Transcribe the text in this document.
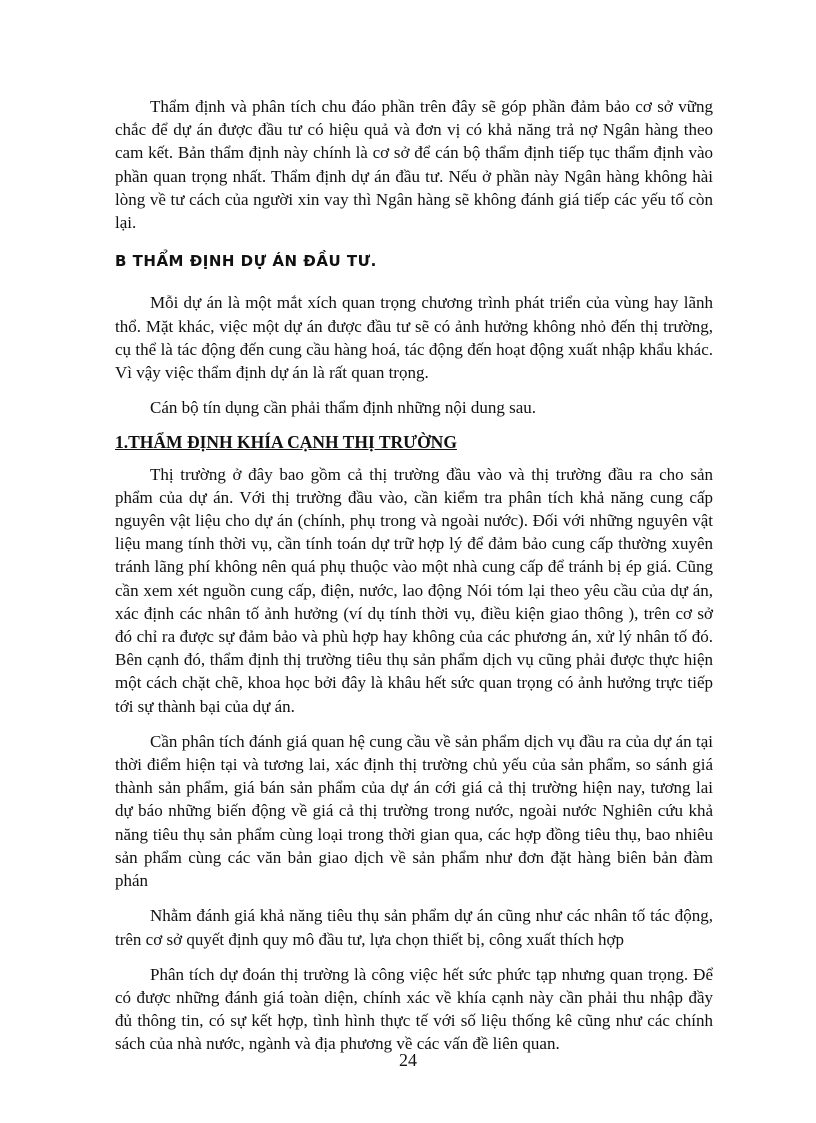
Thẩm định và phân tích chu đáo phần trên đây sẽ góp phần đảm bảo cơ sở vững chắc để dự án được đầu tư có hiệu quả và đơn vị có khả năng trả nợ Ngân hàng theo cam kết. Bản thẩm định này chính là cơ sở để cán bộ thẩm định tiếp tục thẩm định vào phần quan trọng nhất. Thẩm định dự án đầu tư. Nếu ở phần này Ngân hàng không hài lòng về tư cách của người xin vay thì Ngân hàng sẽ không đánh giá tiếp các yếu tố còn lại.

B THẨM ĐỊNH DỰ ÁN ĐẦU TƯ.

Mỗi dự án là một mắt xích quan trọng chương trình phát triển của vùng hay lãnh thổ. Mặt khác, việc một dự án được đầu tư sẽ có ảnh hưởng không nhỏ đến thị trường, cụ thể là tác động đến cung cầu hàng hoá, tác động đến hoạt động xuất nhập khẩu khác. Vì vậy việc thẩm định dự án là rất quan trọng.

Cán bộ tín dụng cần phải thẩm định những nội dung sau.

1.THẨM ĐỊNH KHÍA CẠNH THỊ TRƯỜNG

Thị trường ở đây bao gồm cả thị trường đầu vào và thị trường đầu ra cho sản phẩm của dự án. Với thị trường đầu vào, cần kiểm tra phân tích khả năng cung cấp nguyên vật liệu cho dự án (chính, phụ trong và ngoài nước). Đối với những nguyên vật liệu mang tính thời vụ, cần tính toán dự trữ hợp lý để đảm bảo cung cấp thường xuyên tránh lãng phí không nên quá phụ thuộc vào một nhà cung cấp để tránh bị ép giá. Cũng cần xem xét nguồn cung cấp, điện, nước, lao động Nói tóm lại theo yêu cầu của dự án, xác định các nhân tố ảnh hưởng (ví dụ tính thời vụ, điều kiện giao thông ), trên cơ sở đó chỉ ra được sự đảm bảo và phù hợp hay không của các phương án, xử lý nhân tố đó. Bên cạnh đó, thẩm định thị trường tiêu thụ sản phẩm dịch vụ cũng phải được thực hiện một cách chặt chẽ, khoa học bởi đây là khâu hết sức quan trọng có ảnh hưởng trực tiếp tới sự thành bại của dự án.

Cần phân tích đánh giá quan hệ cung cầu về sản phẩm dịch vụ đầu ra của dự án tại thời điểm hiện tại và tương lai, xác định thị trường chủ yếu của sản phẩm, so sánh giá thành sản phẩm, giá bán sản phẩm của dự án cới giá cả thị trường hiện nay, tương lai dự báo những biến động về giá cả thị trường trong nước, ngoài nước Nghiên cứu khả năng tiêu thụ sản phẩm cùng loại trong thời gian qua, các hợp đồng tiêu thụ, bao nhiêu sản phẩm cùng các văn bản giao dịch về sản phẩm như đơn đặt hàng biên bản đàm phán

Nhằm đánh giá khả năng tiêu thụ sản phẩm dự án cũng như các nhân tố tác động, trên cơ sở quyết định quy mô đầu tư, lựa chọn thiết bị, công xuất thích hợp

Phân tích dự đoán thị trường là công việc hết sức phức tạp nhưng quan trọng. Để có được những đánh giá toàn diện, chính xác về khía cạnh này cần phải thu nhập đầy đủ thông tin, có sự kết hợp, tình hình thực tế với số liệu thống kê cũng như các chính sách của nhà nước, ngành và địa phương về các vấn đề liên quan.

24
